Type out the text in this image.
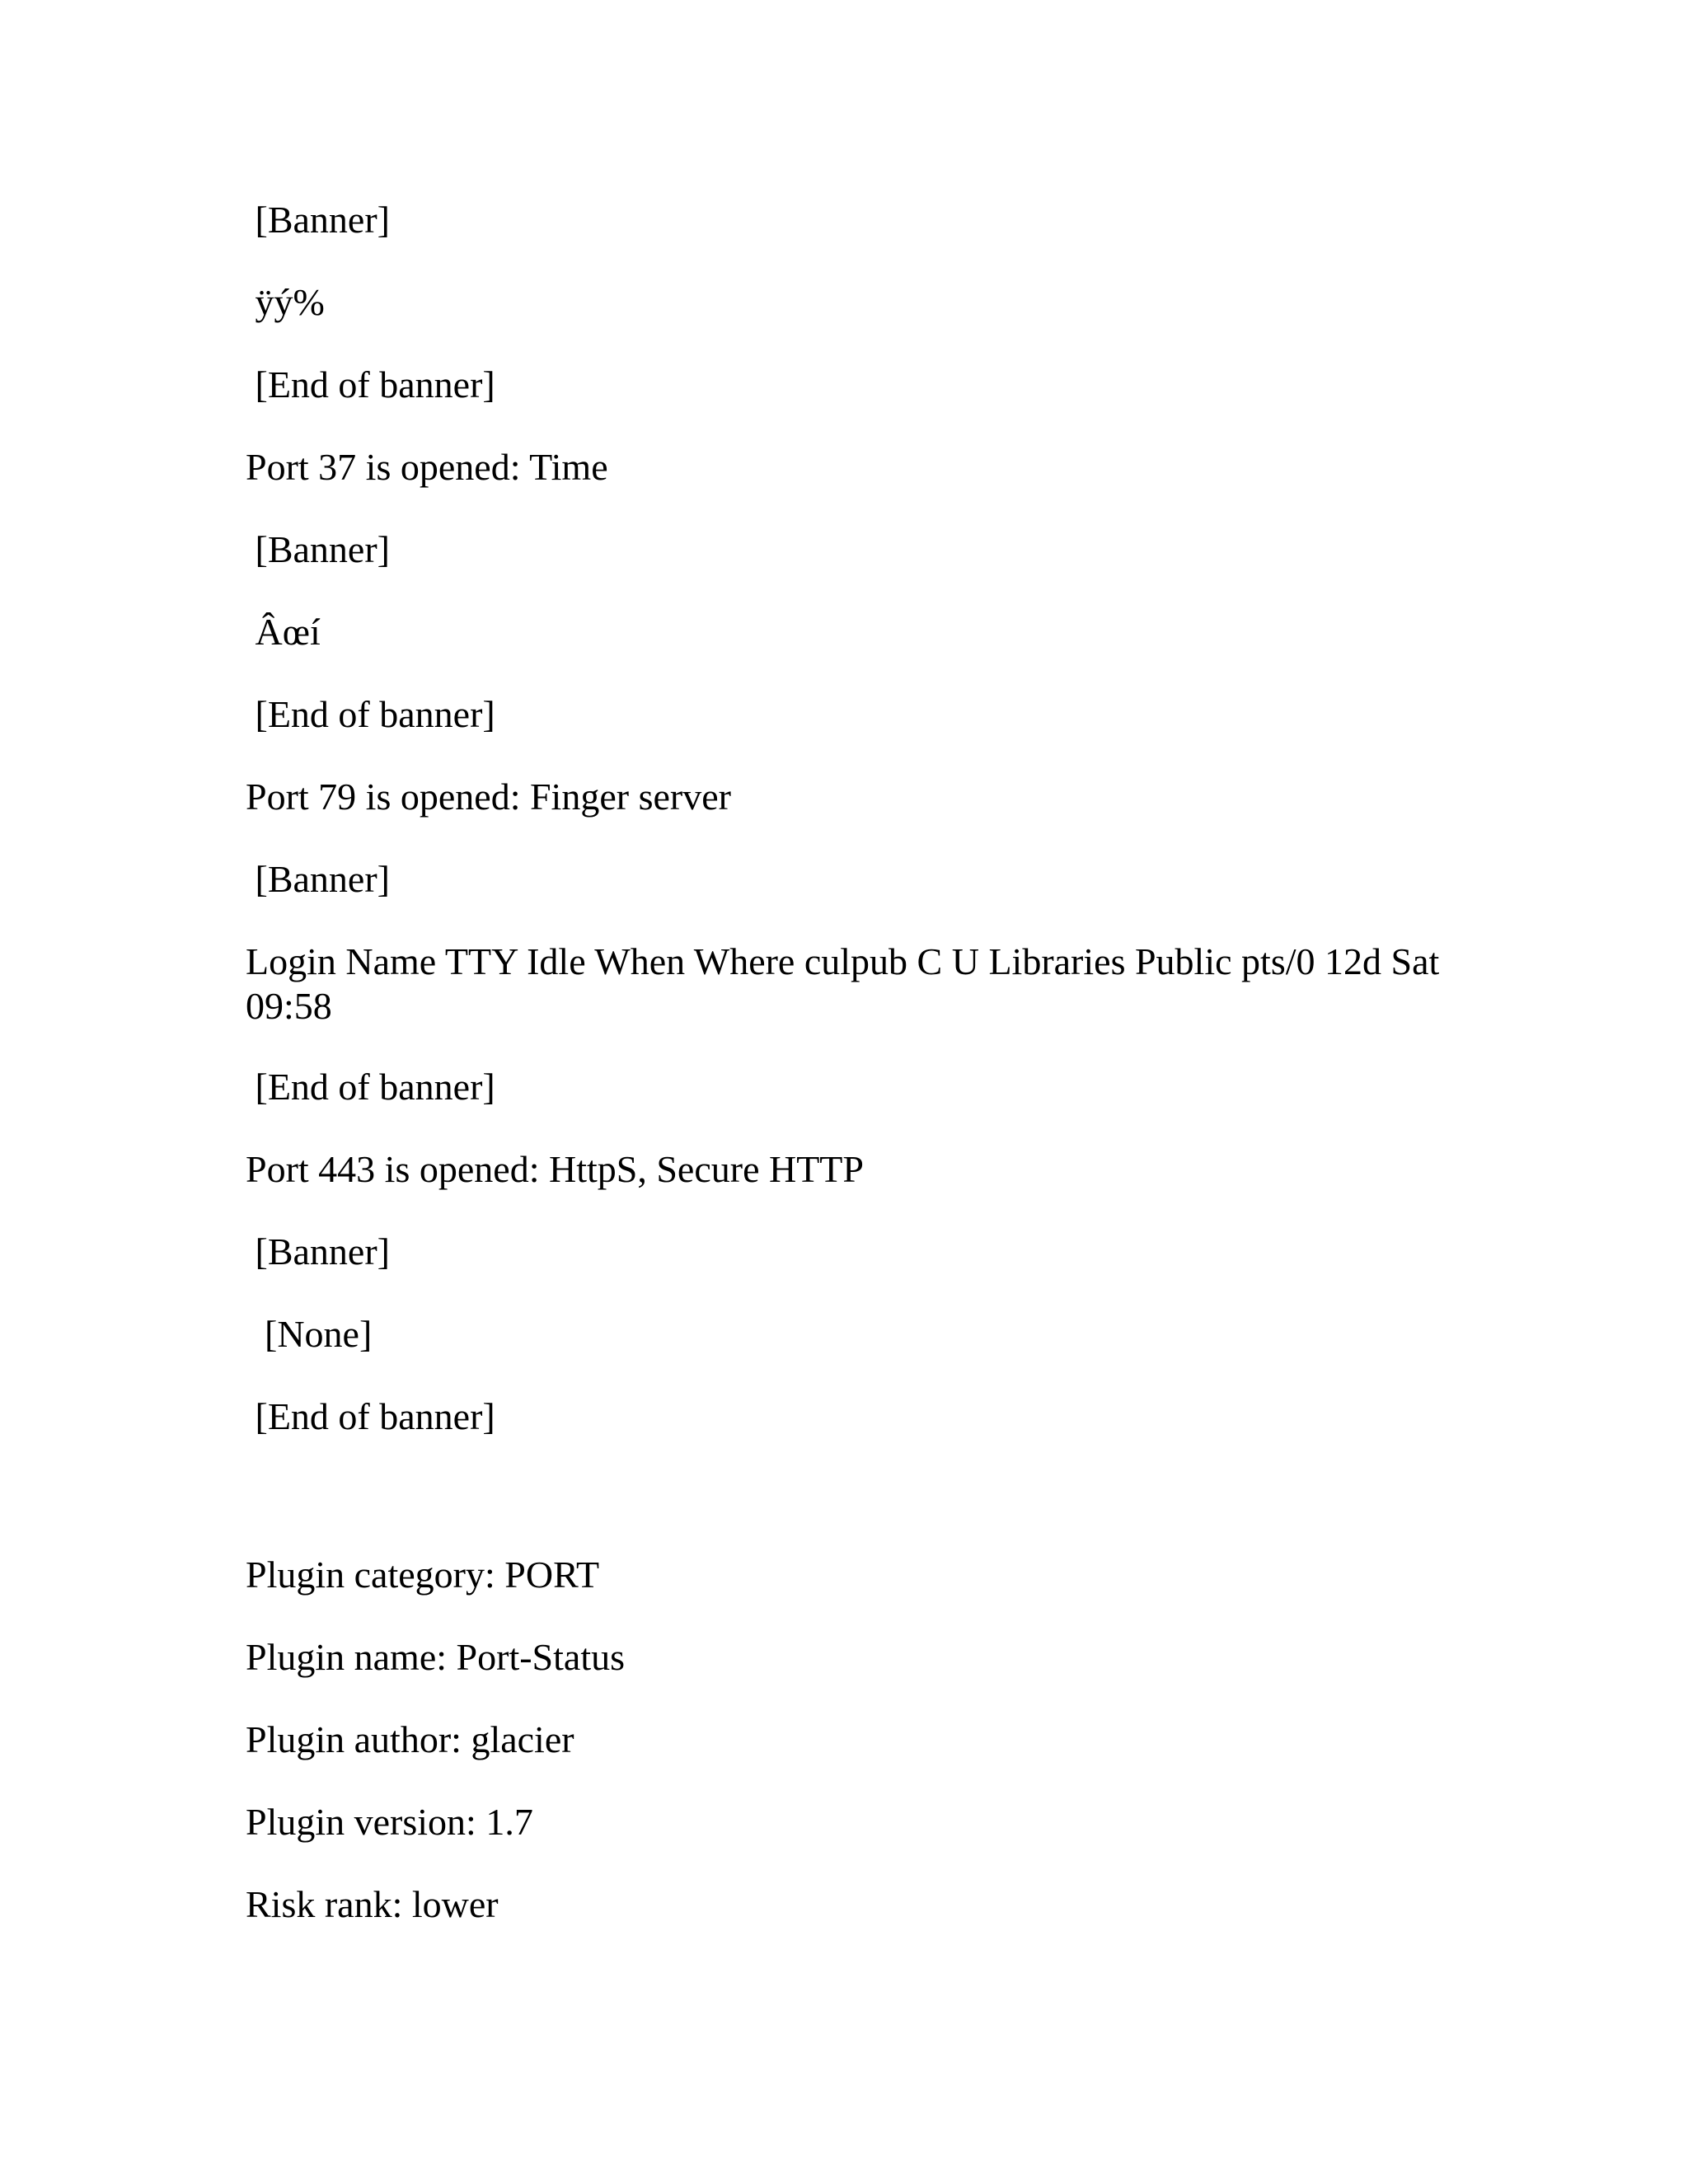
[Banner]

ÿý%

[End of banner]

Port 37 is opened: Time

[Banner]

Âœí

[End of banner]

Port 79 is opened: Finger server

[Banner]

Login Name TTY Idle When Where culpub C U Libraries Public pts/0 12d Sat 09:58

[End of banner]

Port 443 is opened: HttpS, Secure HTTP

[Banner]

[None]

[End of banner]

Plugin category: PORT

Plugin name: Port-Status

Plugin author: glacier

Plugin version: 1.7

Risk rank: lower
